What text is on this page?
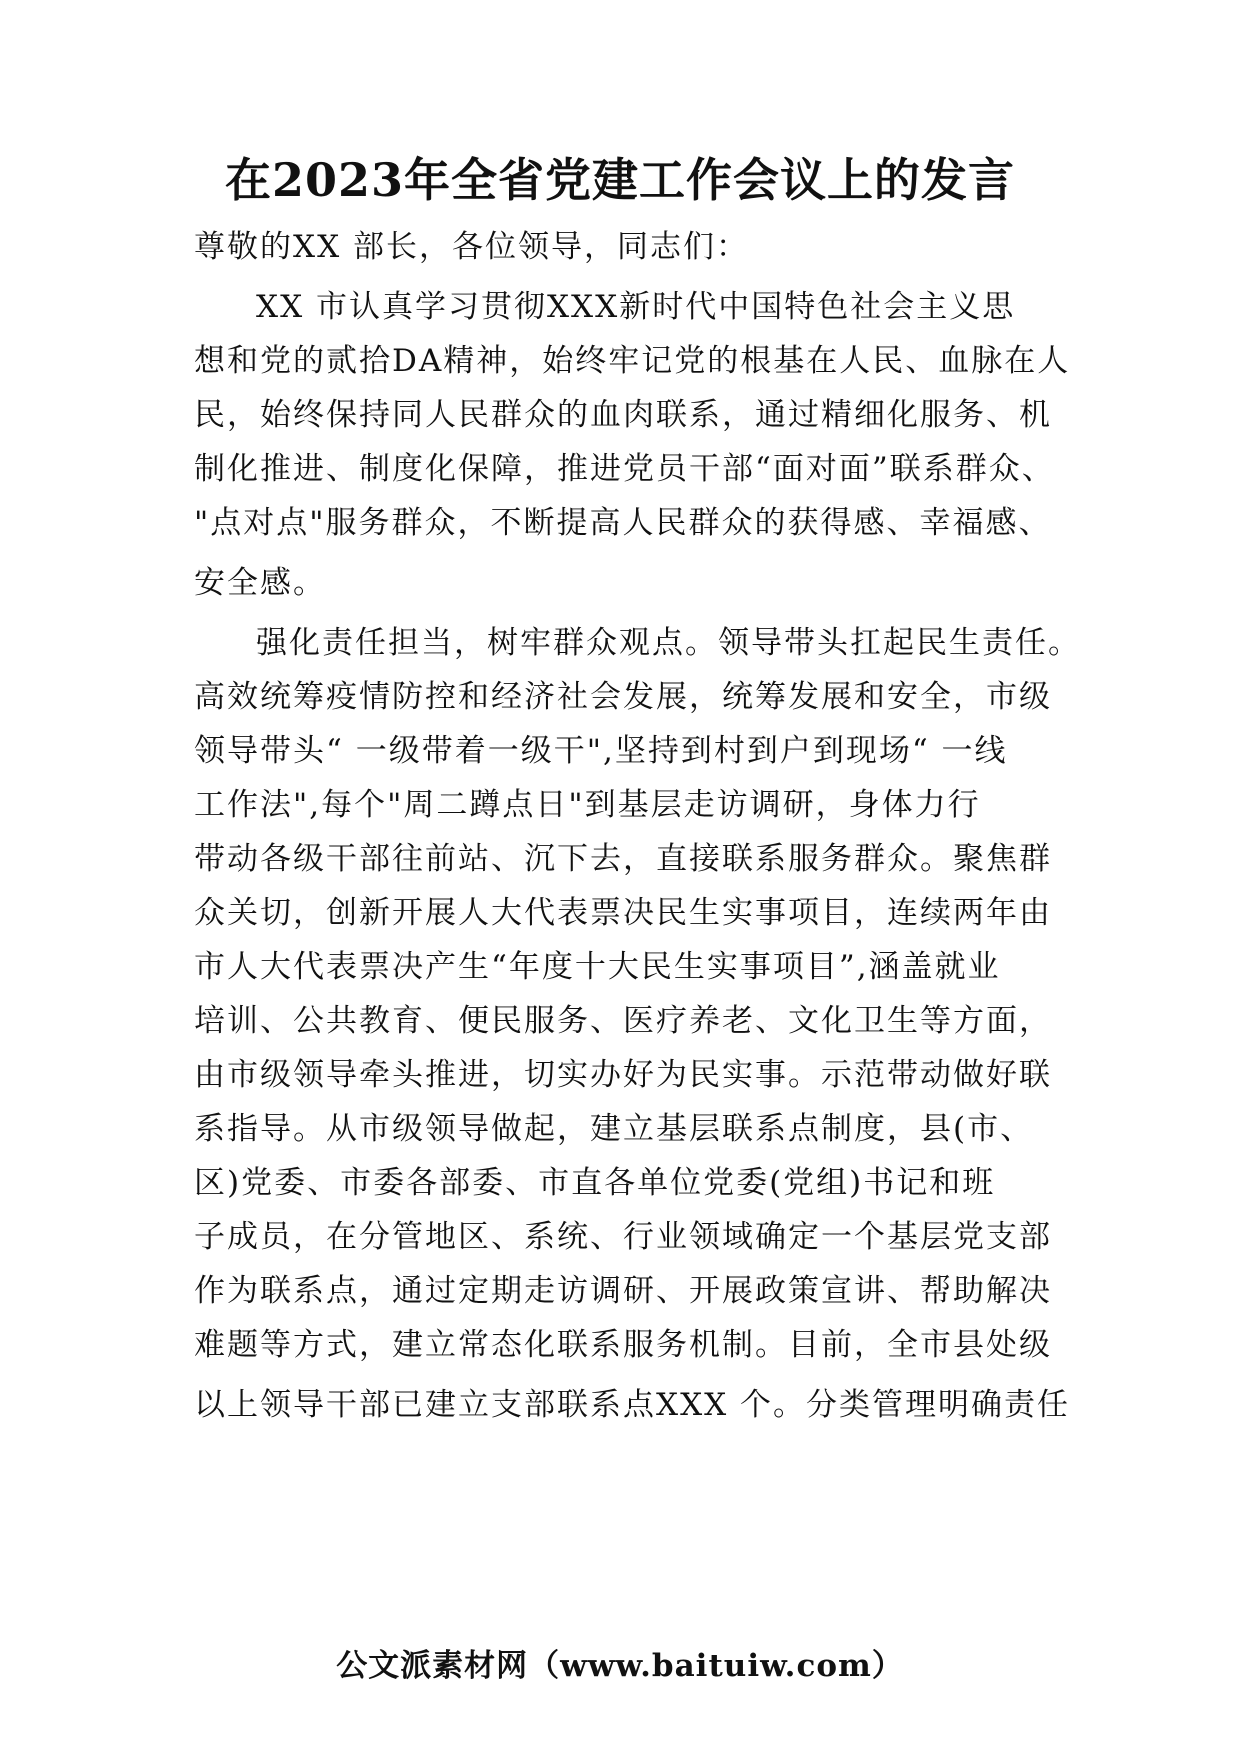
在2023年全省党建工作会议上的发言
尊敬的XX 部长，各位领导，同志们：
XX 市认真学习贯彻XXX新时代中国特色社会主义思
想和党的贰拾DA精神，始终牢记党的根基在人民、血脉在人
民，始终保持同人民群众的血肉联系，通过精细化服务、机
制化推进、制度化保障，推进党员干部“面对面”联系群众、
"点对点"服务群众，不断提高人民群众的获得感、幸福感、
安全感。
强化责任担当，树牢群众观点。领导带头扛起民生责任。
高效统筹疫情防控和经济社会发展，统筹发展和安全，市级
领导带头“ 一级带着一级干",坚持到村到户到现场“ 一线
工作法",每个"周二蹲点日"到基层走访调研，身体力行
带动各级干部往前站、沉下去，直接联系服务群众。聚焦群
众关切，创新开展人大代表票决民生实事项目，连续两年由
市人大代表票决产生“年度十大民生实事项目”,涵盖就业
培训、公共教育、便民服务、医疗养老、文化卫生等方面，
由市级领导牵头推进，切实办好为民实事。示范带动做好联
系指导。从市级领导做起，建立基层联系点制度，县(市、
区)党委、市委各部委、市直各单位党委(党组)书记和班
子成员，在分管地区、系统、行业领域确定一个基层党支部
作为联系点，通过定期走访调研、开展政策宣讲、帮助解决
难题等方式，建立常态化联系服务机制。目前，全市县处级
以上领导干部已建立支部联系点XXX 个。分类管理明确责任
公文派素材网（www.baituiw.com）
